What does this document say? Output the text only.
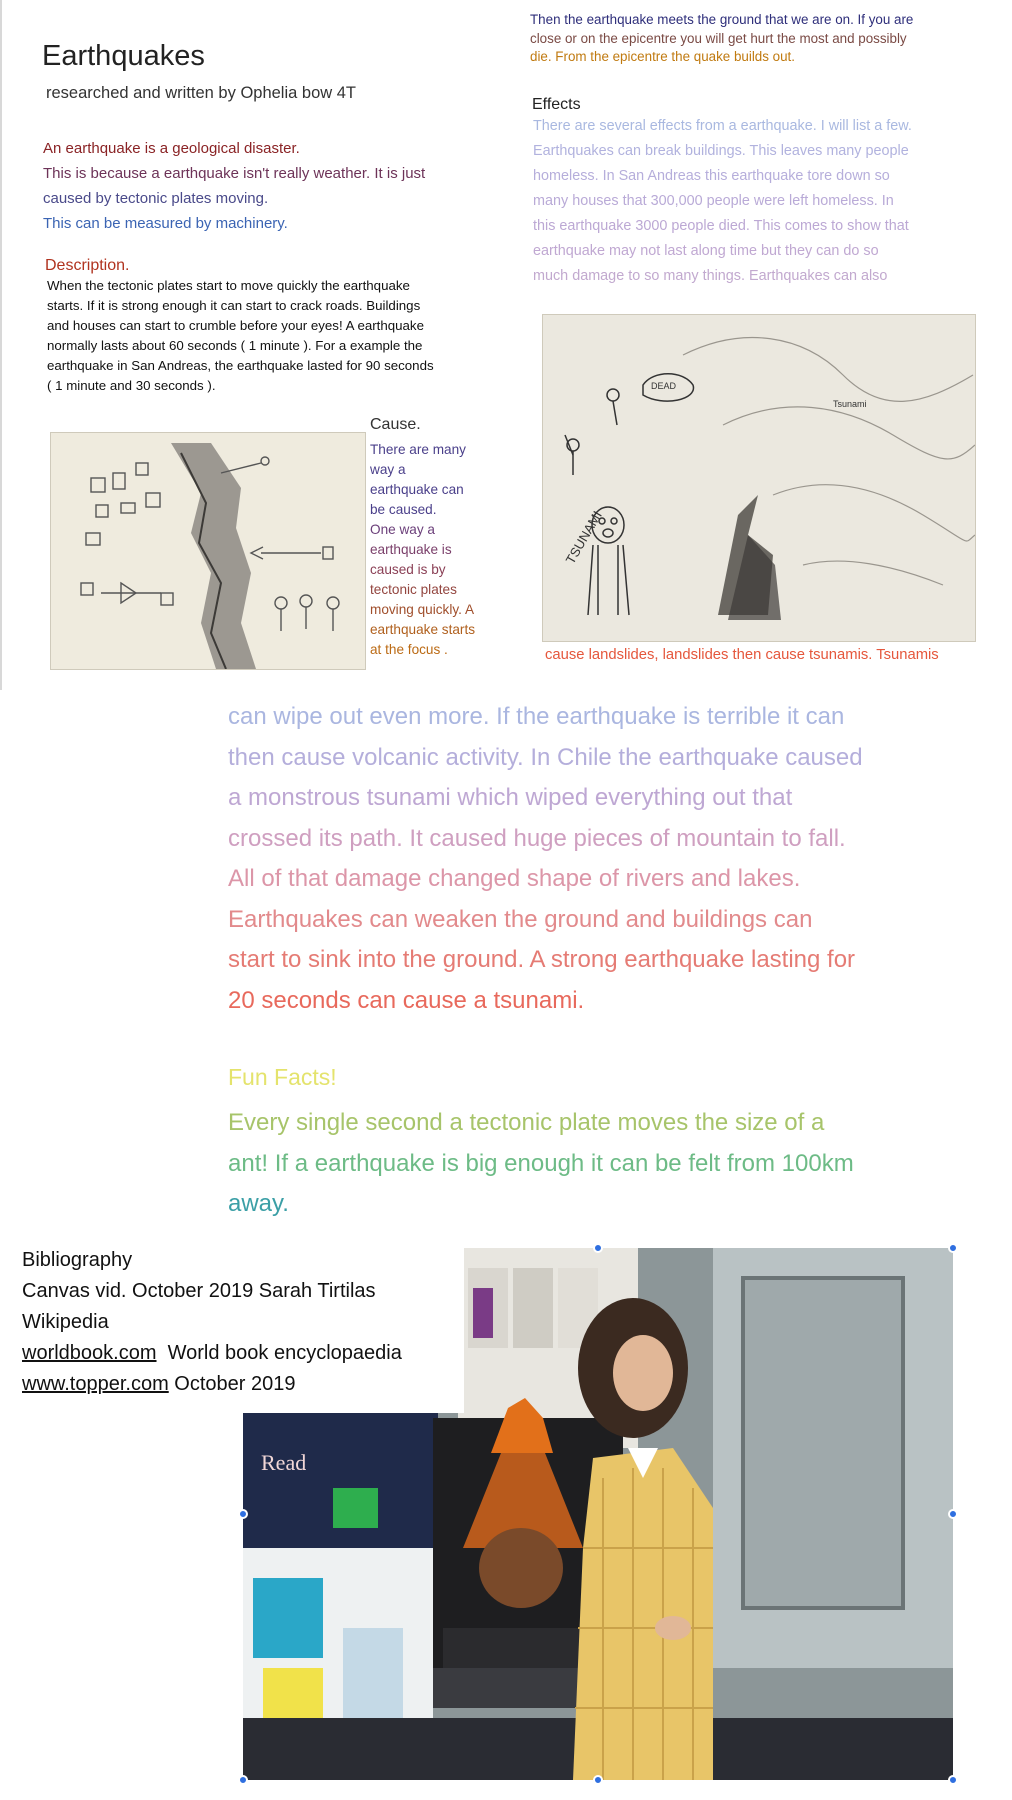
Earthquakes
researched and written by Ophelia bow 4T
An earthquake is a geological disaster.
This is because a earthquake isn't really weather. It is just
caused by tectonic plates moving.
This can be measured by machinery.
Description.
When the tectonic plates start to move quickly the earthquake
starts. If it is strong enough it can start to crack roads. Buildings
and houses can start to crumble before your eyes! A earthquake
normally lasts about 60 seconds ( 1 minute ). For a example the
earthquake in San Andreas, the earthquake lasted for 90 seconds
( 1 minute and 30 seconds ).
Cause.
There are many
way a
earthquake can
be caused.
One way a
earthquake is
caused is by
tectonic plates
moving quickly. A
earthquake starts
at the focus .
Then the earthquake meets the ground that we are on. If you are
close or on the epicentre you will get hurt the most and possibly
die. From the epicentre the quake builds out.
Effects
There are several effects from a earthquake. I will list a few.
Earthquakes can break buildings. This leaves many people
homeless. In San Andreas this earthquake tore down so
many houses that 300,000 people were left homeless. In
this earthquake 3000 people died. This comes to show that
earthquake may not last along time but they can do so
much damage to so many things. Earthquakes can also
TSUNAMI
Tsunami
DEAD
cause landslides, landslides then cause tsunamis. Tsunamis
can wipe out even more. If the earthquake is terrible it can
then cause volcanic activity. In Chile the earthquake caused
a monstrous tsunami which wiped everything out that
crossed its path. It caused huge pieces of mountain to fall.
All of that damage changed shape of rivers and lakes.
Earthquakes can weaken the ground and buildings can
start to sink into the ground. A strong earthquake lasting for
20 seconds can cause a tsunami.
Fun Facts!
Every single second a tectonic plate moves the size of a
ant! If a earthquake is big enough it can be felt from 100km
away.
Read
Bibliography
Canvas vid. October 2019 Sarah Tirtilas
Wikipedia
worldbook.com  World book encyclopaedia
www.topper.com October 2019
